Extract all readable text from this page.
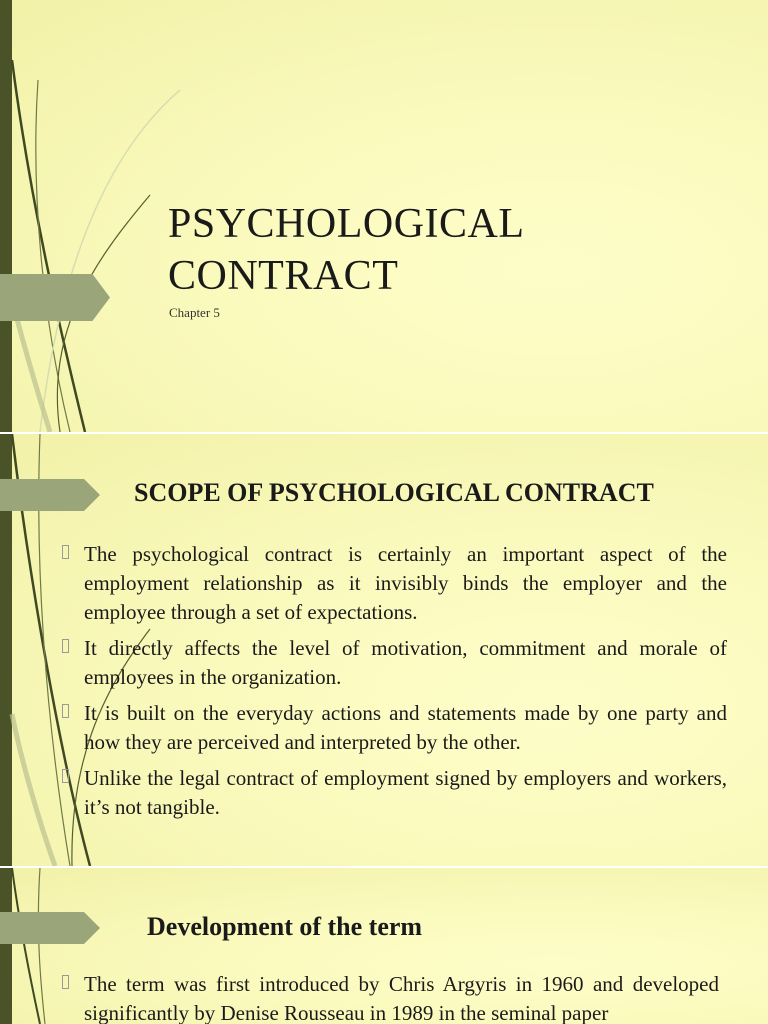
PSYCHOLOGICAL
CONTRACT
Chapter 5
SCOPE OF PSYCHOLOGICAL CONTRACT
The psychological contract is certainly an important aspect of the employment relationship as it invisibly binds the employer and the employee through a set of expectations.
It directly affects the level of motivation, commitment and morale of employees in the organization.
It is built on the everyday actions and statements made by one party and how they are perceived and interpreted by the other.
Unlike the legal contract of employment signed by employers and workers, it’s not tangible.
Development of the term
The term was first introduced by Chris Argyris in 1960 and developed significantly by Denise Rousseau in 1989 in the seminal paper
